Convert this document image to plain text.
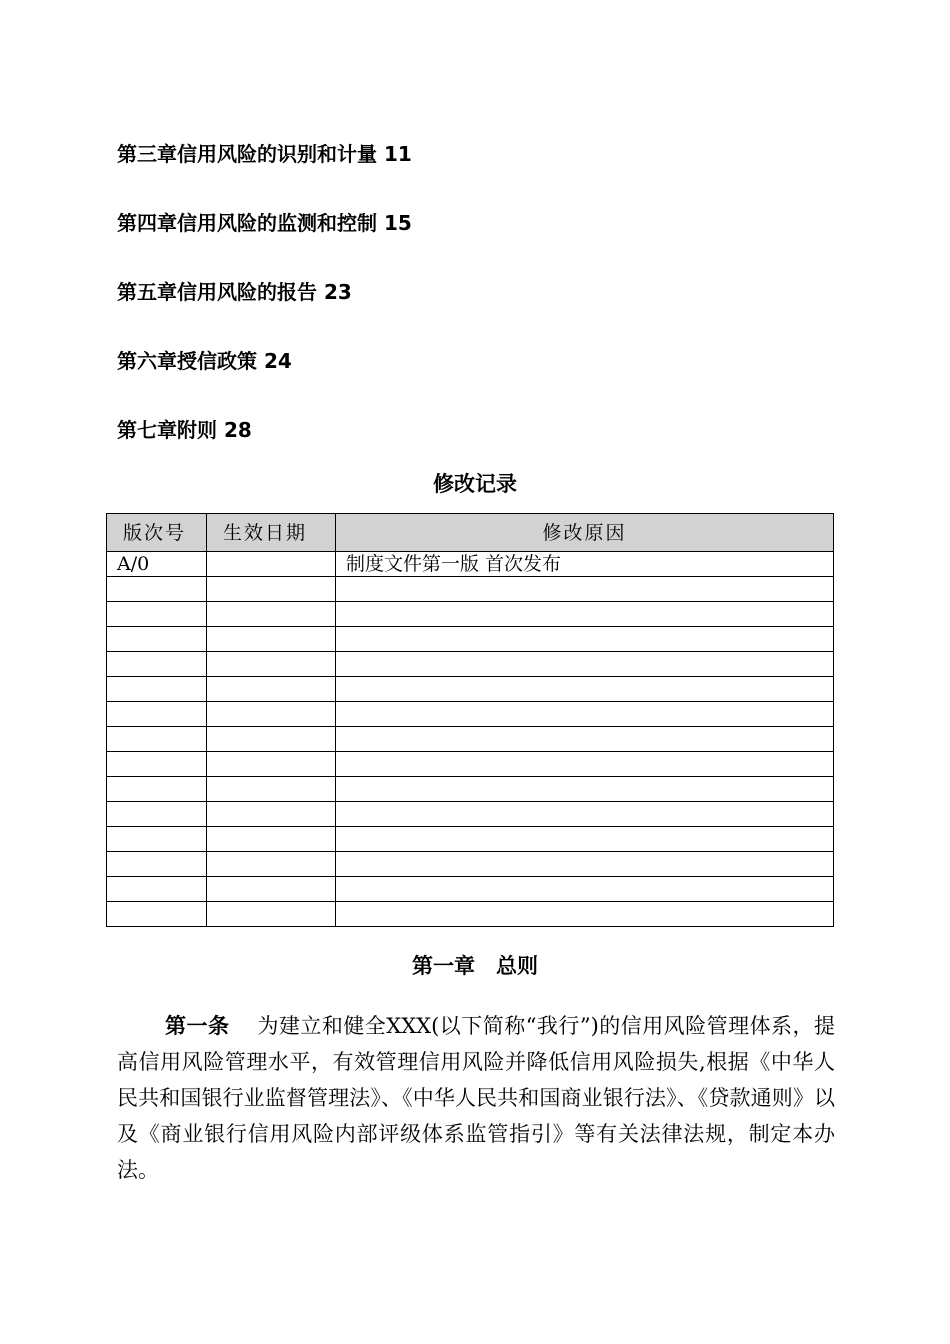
第三章信用风险的识别和计量 11
第四章信用风险的监测和控制 15
第五章信用风险的报告 23
第六章授信政策 24
第七章附则 28
修改记录
版次号	生效日期	修改原因
A/0		制度文件第一版 首次发布

第一章　总则
第一条 为建立和健全XXX(以下简称“我行”)的信用风险管理体系，提高信用风险管理水平，有效管理信用风险并降低信用风险损失,根据《中华人民共和国银行业监督管理法》、《中华人民共和国商业银行法》、《贷款通则》以及《商业银行信用风险内部评级体系监管指引》等有关法律法规，制定本办法。
